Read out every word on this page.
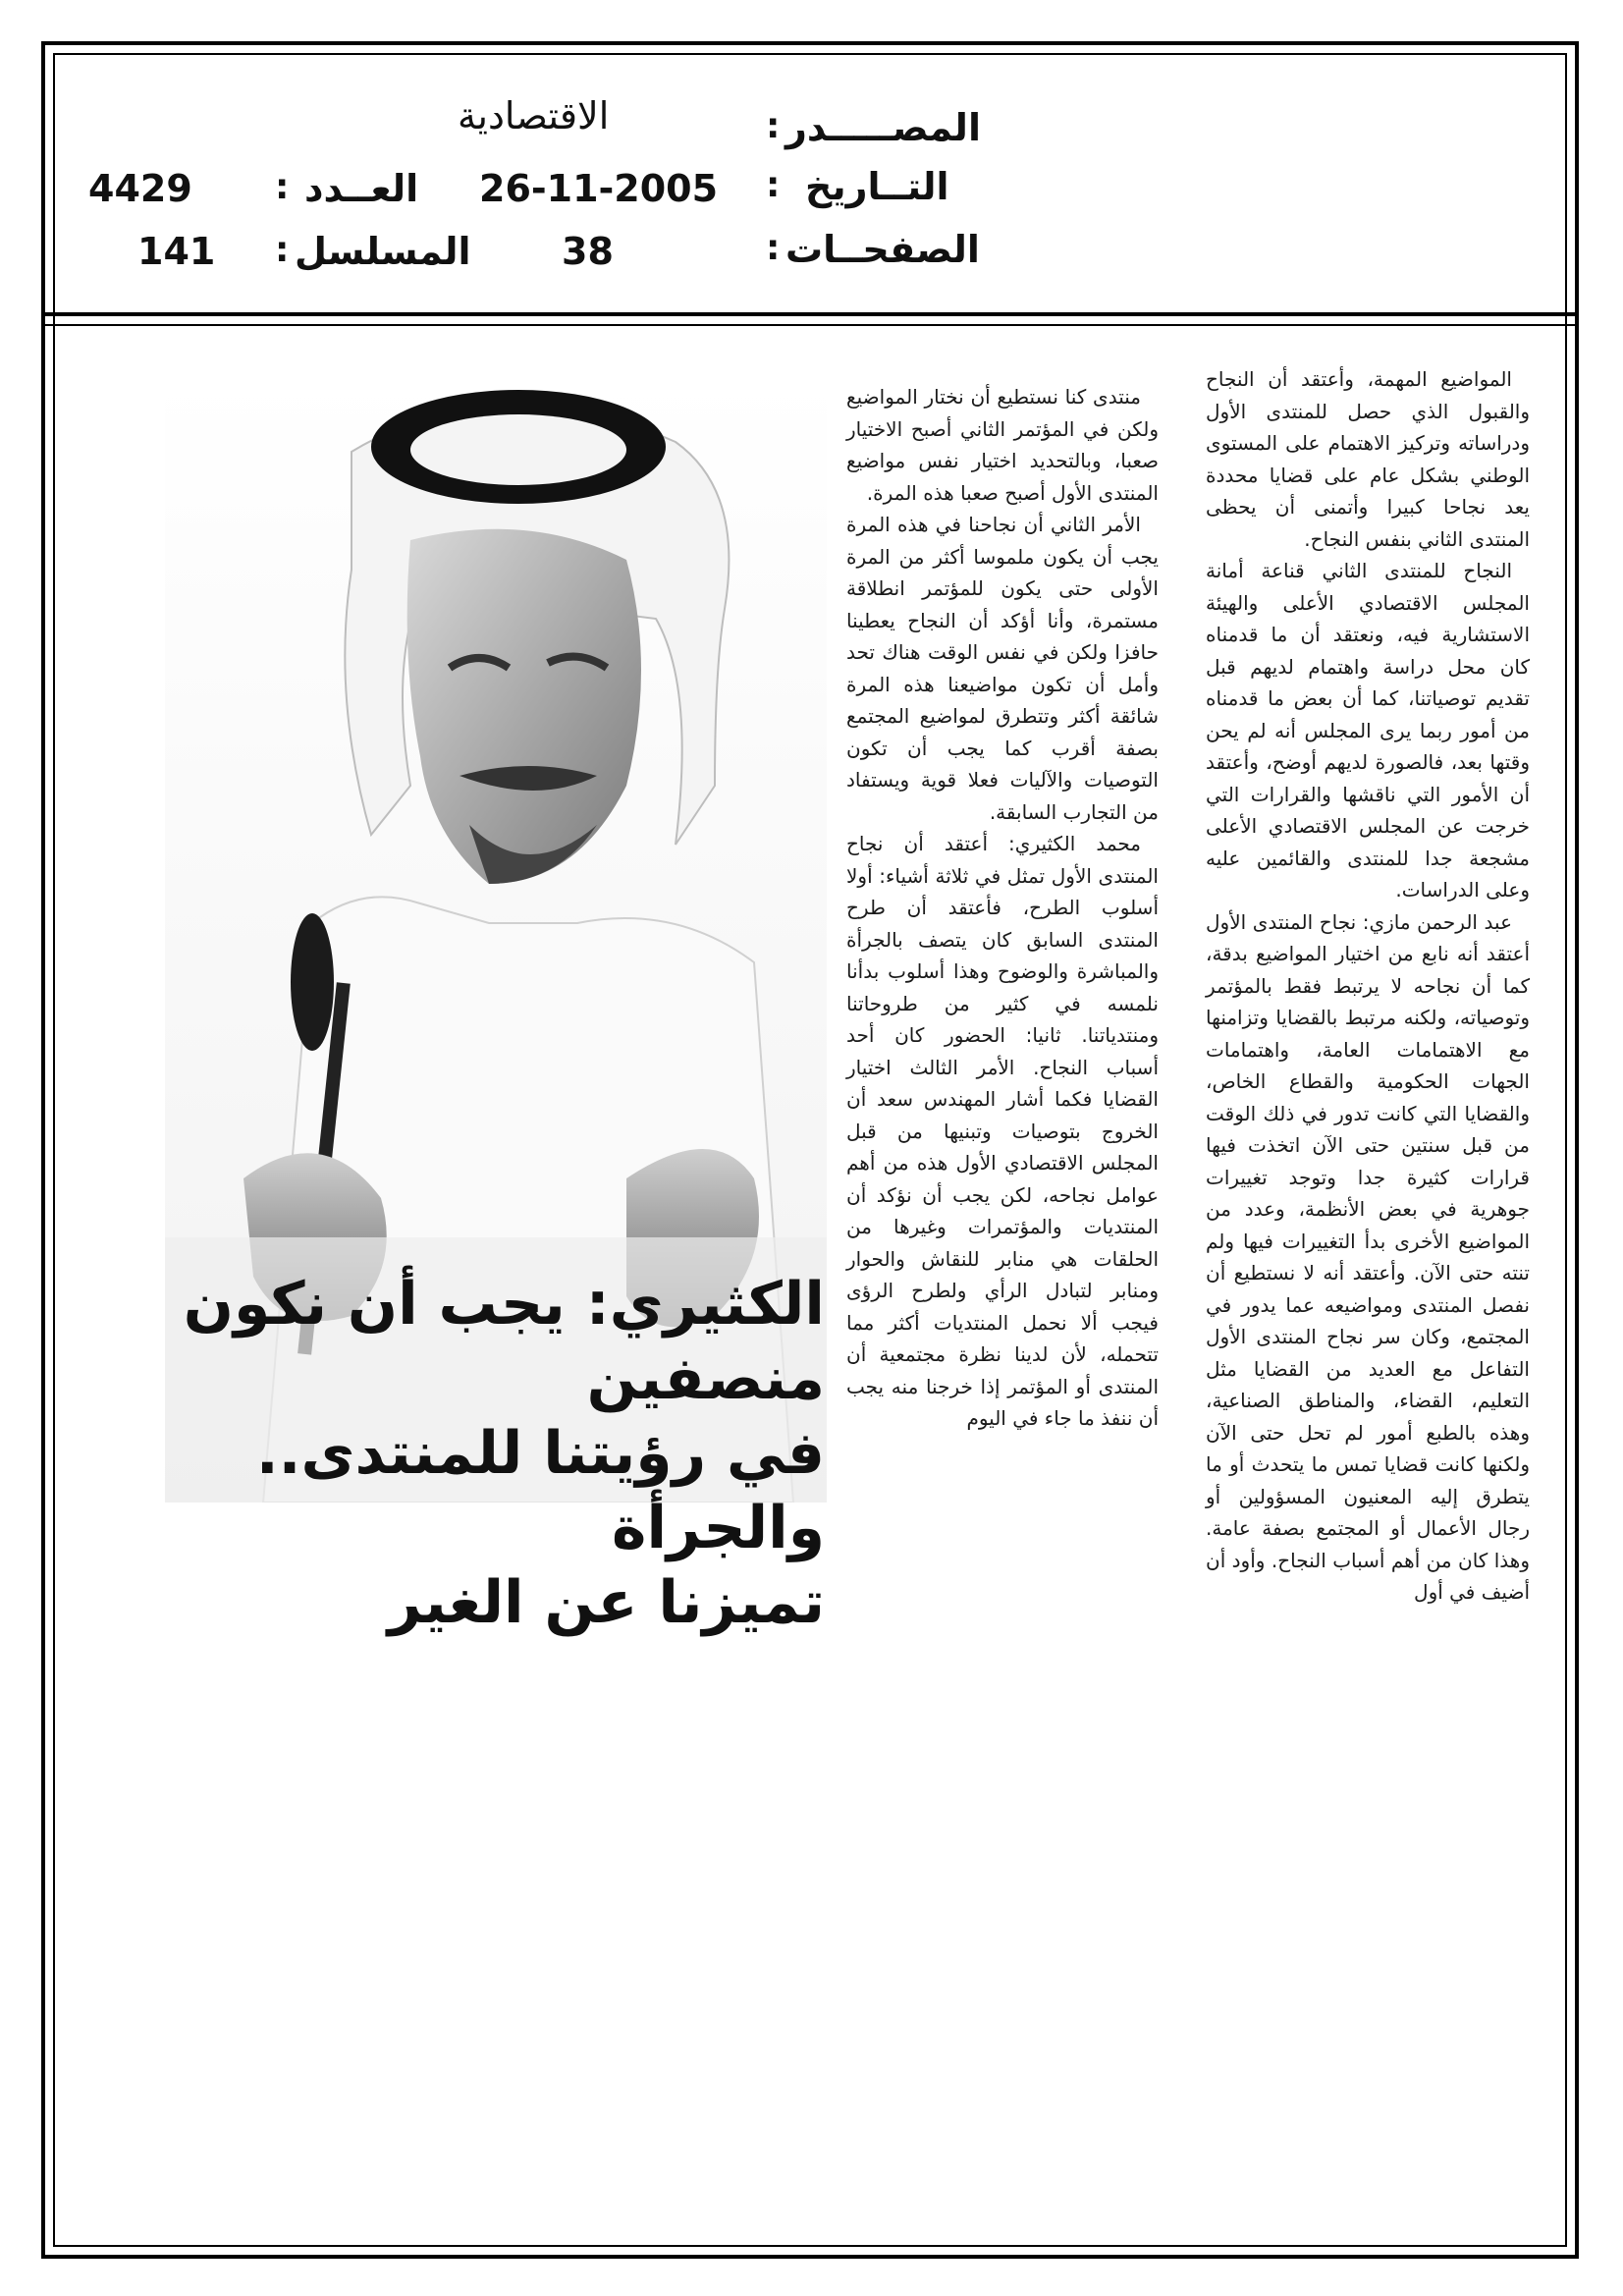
المصـــــدر
:
الاقتصادية
التــاريخ
:
26-11-2005
العــدد
:
4429
الصفحــات
:
38
المسلسل
:
141
الكثيري: يجب أن نكون منصفين
في رؤيتنا للمنتدى.. والجرأة
تميزنا عن الغير

منتدى كنا نستطيع أن نختار المواضيع ولكن في المؤتمر الثاني أصبح الاختيار صعبا، وبالتحديد اختيار نفس مواضيع المنتدى الأول أصبح صعبا هذه المرة.

الأمر الثاني أن نجاحنا في هذه المرة يجب أن يكون ملموسا أكثر من المرة الأولى حتى يكون للمؤتمر انطلاقة مستمرة، وأنا أؤكد أن النجاح يعطينا حافزا ولكن في نفس الوقت هناك تحد وأمل أن تكون مواضيعنا هذه المرة شائقة أكثر وتتطرق لمواضيع المجتمع بصفة أقرب كما يجب أن تكون التوصيات والآليات فعلا قوية ويستفاد من التجارب السابقة.

محمد الكثيري: أعتقد أن نجاح المنتدى الأول تمثل في ثلاثة أشياء: أولا أسلوب الطرح، فأعتقد أن طرح المنتدى السابق كان يتصف بالجرأة والمباشرة والوضوح وهذا أسلوب بدأنا نلمسه في كثير من طروحاتنا ومنتدياتنا. ثانيا: الحضور كان أحد أسباب النجاح. الأمر الثالث اختيار القضايا فكما أشار المهندس سعد أن الخروج بتوصيات وتبنيها من قبل المجلس الاقتصادي الأول هذه من أهم عوامل نجاحه، لكن يجب أن نؤكد أن المنتديات والمؤتمرات وغيرها من الحلقات هي منابر للنقاش والحوار ومنابر لتبادل الرأي ولطرح الرؤى فيجب ألا نحمل المنتديات أكثر مما تتحمله، لأن لدينا نظرة مجتمعية أن المنتدى أو المؤتمر إذا خرجنا منه يجب أن ننفذ ما جاء في اليوم

المواضيع المهمة، وأعتقد أن النجاح والقبول الذي حصل للمنتدى الأول ودراساته وتركيز الاهتمام على المستوى الوطني بشكل عام على قضايا محددة يعد نجاحا كبيرا وأتمنى أن يحظى المنتدى الثاني بنفس النجاح.

النجاح للمنتدى الثاني قناعة أمانة المجلس الاقتصادي الأعلى والهيئة الاستشارية فيه، ونعتقد أن ما قدمناه كان محل دراسة واهتمام لديهم قبل تقديم توصياتنا، كما أن بعض ما قدمناه من أمور ربما يرى المجلس أنه لم يحن وقتها بعد، فالصورة لديهم أوضح، وأعتقد أن الأمور التي ناقشها والقرارات التي خرجت عن المجلس الاقتصادي الأعلى مشجعة جدا للمنتدى والقائمين عليه وعلى الدراسات.

عبد الرحمن مازي: نجاح المنتدى الأول أعتقد أنه نابع من اختيار المواضيع بدقة، كما أن نجاحه لا يرتبط فقط بالمؤتمر وتوصياته، ولكنه مرتبط بالقضايا وتزامنها مع الاهتمامات العامة، واهتمامات الجهات الحكومية والقطاع الخاص، والقضايا التي كانت تدور في ذلك الوقت من قبل سنتين حتى الآن اتخذت فيها قرارات كثيرة جدا وتوجد تغييرات جوهرية في بعض الأنظمة، وعدد من المواضيع الأخرى بدأ التغييرات فيها ولم تنته حتى الآن. وأعتقد أنه لا نستطيع أن نفصل المنتدى ومواضيعه عما يدور في المجتمع، وكان سر نجاح المنتدى الأول التفاعل مع العديد من القضايا مثل التعليم، القضاء، والمناطق الصناعية، وهذه بالطبع أمور لم تحل حتى الآن ولكنها كانت قضايا تمس ما يتحدث أو ما يتطرق إليه المعنيون المسؤولين أو رجال الأعمال أو المجتمع بصفة عامة. وهذا كان من أهم أسباب النجاح. وأود أن أضيف في أول
